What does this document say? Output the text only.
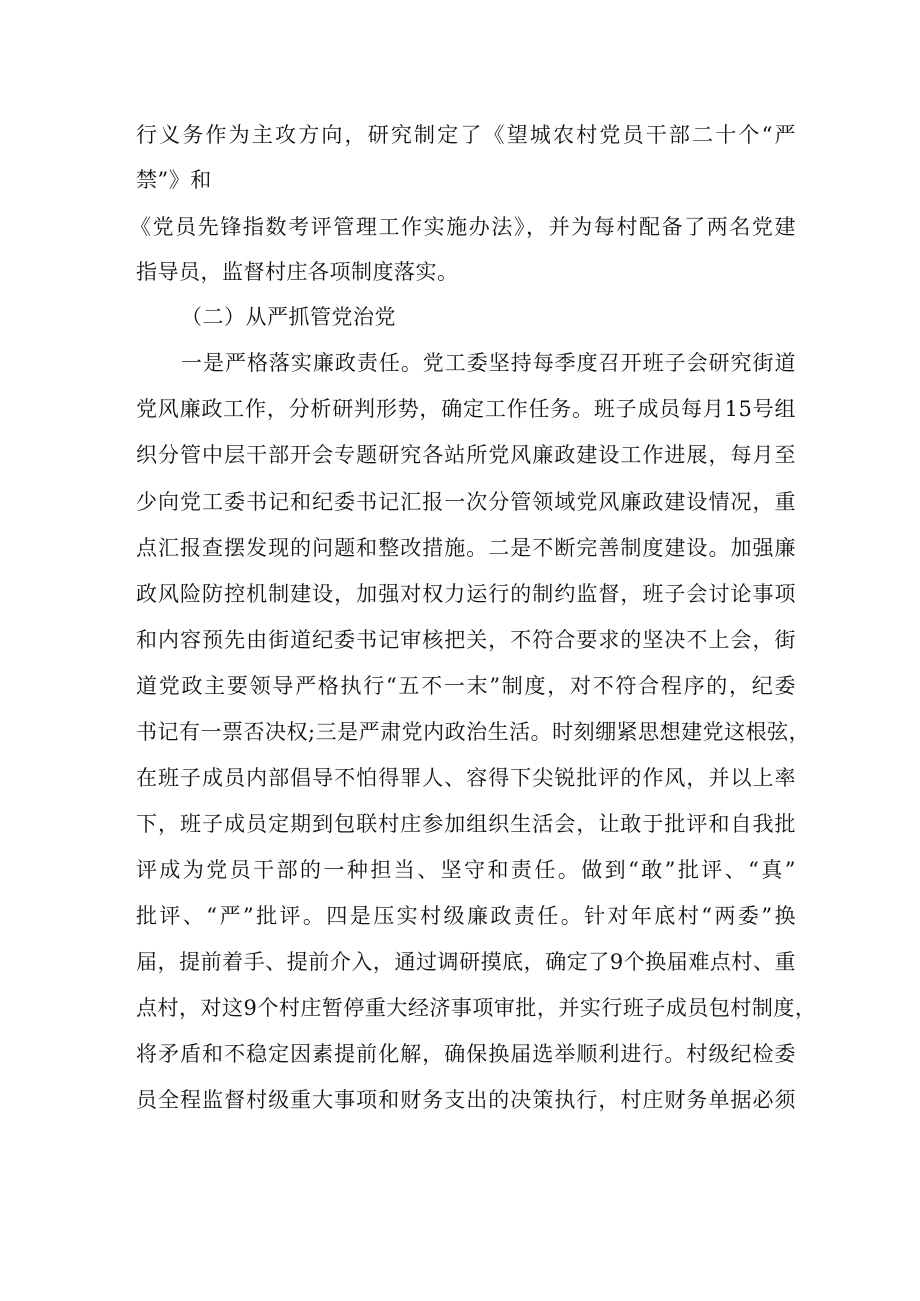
行义务作为主攻方向，研究制定了《望城农村党员干部二十个“严
禁”》和
《党员先锋指数考评管理工作实施办法》，并为每村配备了两名党建
指导员，监督村庄各项制度落实。
（二）从严抓管党治党
一是严格落实廉政责任。党工委坚持每季度召开班子会研究街道
党风廉政工作，分析研判形势，确定工作任务。班子成员每月15号组
织分管中层干部开会专题研究各站所党风廉政建设工作进展，每月至
少向党工委书记和纪委书记汇报一次分管领域党风廉政建设情况，重
点汇报查摆发现的问题和整改措施。二是不断完善制度建设。加强廉
政风险防控机制建设，加强对权力运行的制约监督，班子会讨论事项
和内容预先由街道纪委书记审核把关，不符合要求的坚决不上会，街
道党政主要领导严格执行“五不一末”制度，对不符合程序的，纪委
书记有一票否决权;三是严肃党内政治生活。时刻绷紧思想建党这根弦，
在班子成员内部倡导不怕得罪人、容得下尖锐批评的作风，并以上率
下，班子成员定期到包联村庄参加组织生活会，让敢于批评和自我批
评成为党员干部的一种担当、坚守和责任。做到“敢”批评、“真”
批评、“严”批评。四是压实村级廉政责任。针对年底村“两委”换
届，提前着手、提前介入，通过调研摸底，确定了9个换届难点村、重
点村，对这9个村庄暂停重大经济事项审批，并实行班子成员包村制度，
将矛盾和不稳定因素提前化解，确保换届选举顺利进行。村级纪检委
员全程监督村级重大事项和财务支出的决策执行，村庄财务单据必须
